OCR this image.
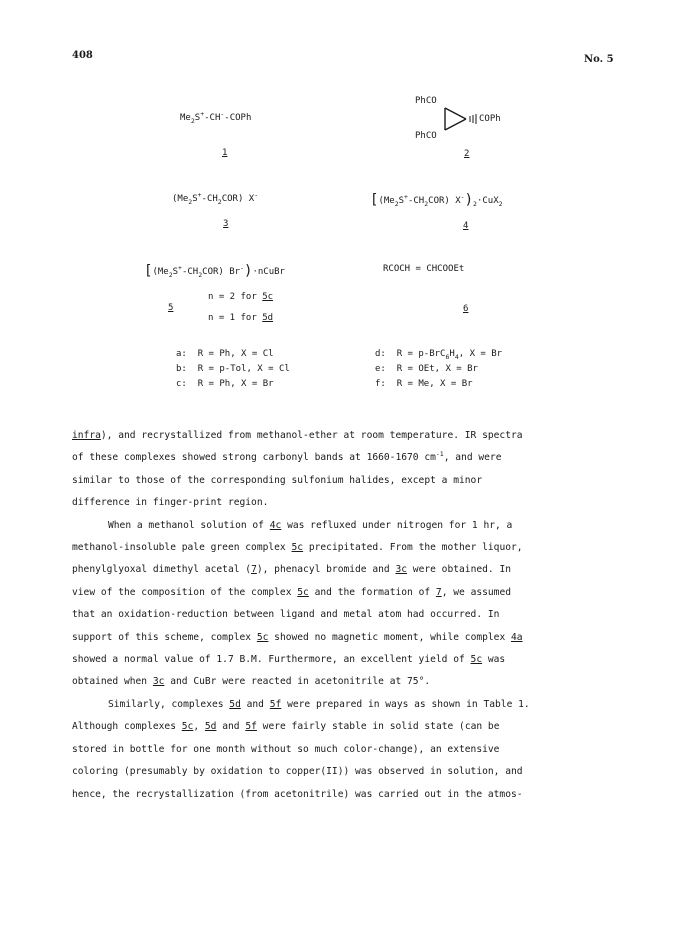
408	No. 5
$Me_2S^+-CH^-$-COPh
1
PhCO
PhCO
COPh
2
$(Me_2S^+-CH_2COR)$ X-
3
[$(Me_2S^+-CH_2COR)$ $X^-)_2\cdot CuX_2$
4
[$(Me_2S^+-CH_2COR)$ Br-)·nCuBr
n = 2 for 5c
5
n = 1 for 5d
RCOCH = CHCOOEt
6
a: R = Ph, X = Cl
b: R = p-Tol, X = Cl
c: R = Ph, X = Br
d: $R = p-BrC_6H_4$, X = Br
e: R = OEt, X = Br
f: R = Me, X = Br

infra), and recrystallized from methanol-ether at room temperature. IR spectra
of these complexes showed strong carbonyl bands at 1660-1670 $cm^{-1}$, and were
similar to those of the corresponding sulfonium halides, except a minor
difference in finger-print region.

When a methanol solution of 4c was refluxed under nitrogen for 1 hr, a
methanol-insoluble pale green complex 5c precipitated. From the mother liquor,
phenylglyoxal dimethyl acetal (7), phenacyl bromide and 3c were obtained. In
view of the composition of the complex 5c and the formation of 7, we assumed
that an oxidation-reduction between ligand and metal atom had occurred. In
support of this scheme, complex 5c showed no magnetic moment, while complex 4a
showed a normal value of 1.7 B.M. Furthermore, an excellent yield of 5c was
obtained when 3c and CuBr were reacted in acetonitrile at 75°.

Similarly, complexes 5d and 5f were prepared in ways as shown in Table 1.
Although complexes 5c, 5d and 5f were fairly stable in solid state (can be
stored in bottle for one month without so much color-change), an extensive
coloring (presumably by oxidation to copper(II)) was observed in solution, and
hence, the recrystallization (from acetonitrile) was carried out in the atmos-
